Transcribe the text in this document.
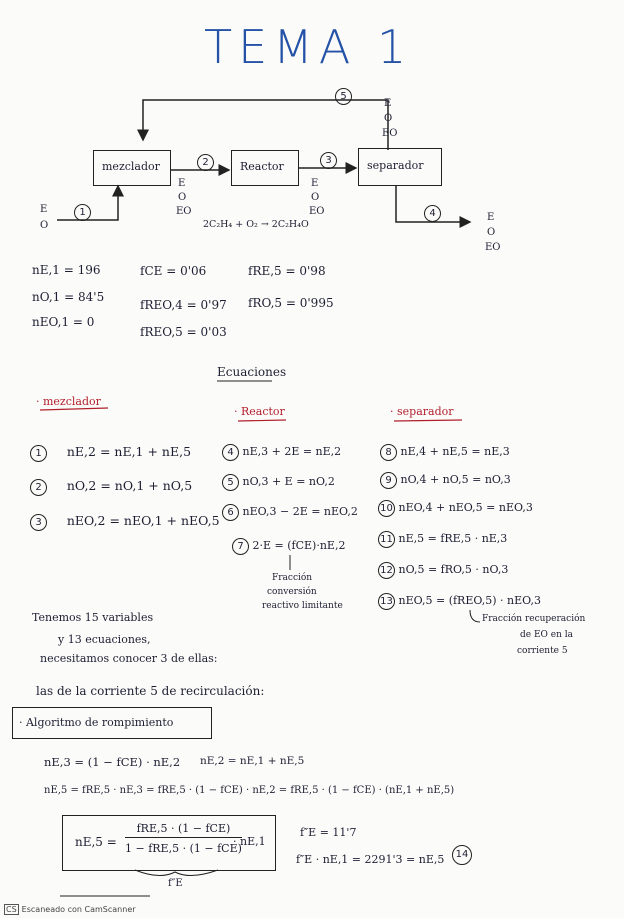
TEMA 1
mezclador	Reactor	separador
5
1
2	3
4
E
O
EO
E
O
E
O
EO
E
O
EO
E
O
EO
2C₂H₄ + O₂ → 2C₂H₄O
nE,1 = 196
nO,1 = 84'5
nEO,1 = 0
fCE = 0'06
fREO,4 = 0'97
fREO,5 = 0'03
fRE,5 = 0'98
fRO,5 = 0'995
Ecuaciones
· mezclador
· Reactor	· separador
1 nE,2 = nE,1 + nE,5
2 nO,2 = nO,1 + nO,5
3 nEO,2 = nEO,1 + nEO,5
4 nE,3 + 2E = nE,2
5 nO,3 + E = nO,2
6 nEO,3 − 2E = nEO,2
7 2·E = (fCE)·nE,2
Fracción
conversión
reactivo limitante
8 nE,4 + nE,5 = nE,3
9 nO,4 + nO,5 = nO,3
10 nEO,4 + nEO,5 = nEO,3
11 nE,5 = fRE,5 · nE,3
12 nO,5 = fRO,5 · nO,3
13 nEO,5 = (fREO,5) · nEO,3
Fracción recuperación
de EO en la
corriente 5
Tenemos 15 variables
y 13 ecuaciones,
necesitamos conocer 3 de ellas:
las de la corriente 5 de recirculación:
· Algoritmo de rompimiento
nE,3 = (1 − fCE) · nE,2 nE,2 = nE,1 + nE,5
nE,5 = fRE,5 · nE,3 = fRE,5 · (1 − fCE) · nE,2 = fRE,5 · (1 − fCE) · (nE,1 + nE,5)
nE,5 =
fRE,5 · (1 − fCE)
1 − fRE,5 · (1 − fCE)
· nE,1
f″E
f″E = 11'7
f″E · nE,1 = 2291'3 = nE,5	14
CS Escaneado con CamScanner
